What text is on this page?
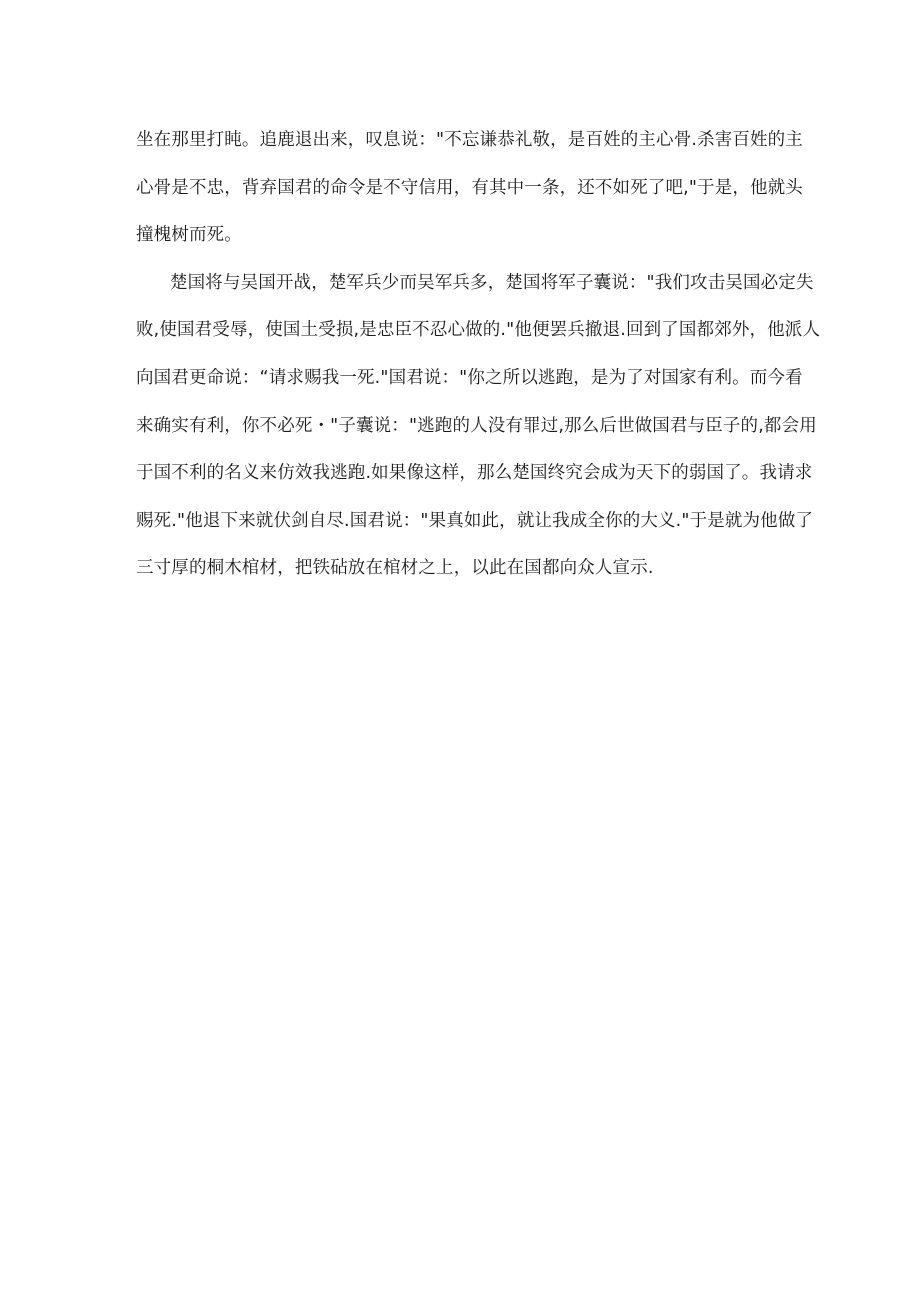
坐在那里打盹。追鹿退出来，叹息说："不忘谦恭礼敬，是百姓的主心骨.杀害百姓的主
心骨是不忠，背弃国君的命令是不守信用，有其中一条，还不如死了吧,"于是，他就头
撞槐树而死。
楚国将与吴国开战，楚军兵少而吴军兵多，楚国将军子囊说："我们攻击吴国必定失
败,使国君受辱，使国土受损,是忠臣不忍心做的."他便罢兵撤退.回到了国都郊外，他派人
向国君更命说：“请求赐我一死."国君说："你之所以逃跑，是为了对国家有利。而今看
来确实有利，你不必死・"子囊说："逃跑的人没有罪过,那么后世做国君与臣子的,都会用
于国不利的名义来仿效我逃跑.如果像这样，那么楚国终究会成为天下的弱国了。我请求
赐死."他退下来就伏剑自尽.国君说："果真如此，就让我成全你的大义."于是就为他做了
三寸厚的桐木棺材，把铁砧放在棺材之上，以此在国都向众人宣示.
